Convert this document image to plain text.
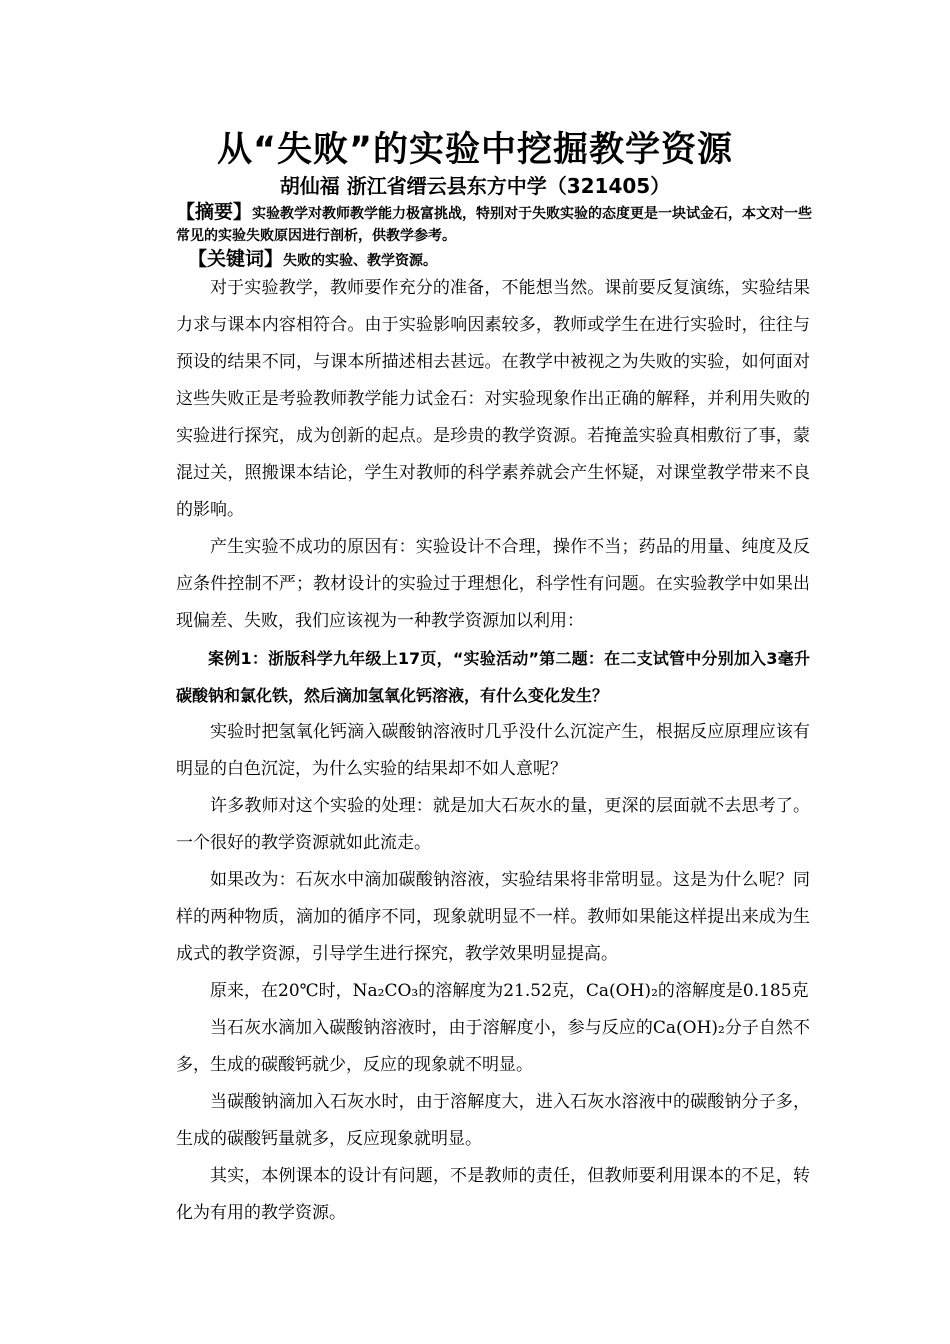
从“失败”的实验中挖掘教学资源
胡仙福 浙江省缙云县东方中学（321405）
【摘要】实验教学对教师教学能力极富挑战，特别对于失败实验的态度更是一块试金石，本文对一些常见的实验失败原因进行剖析，供教学参考。
【关键词】失败的实验、教学资源。

对于实验教学，教师要作充分的准备，不能想当然。课前要反复演练，实验结果力求与课本内容相符合。由于实验影响因素较多，教师或学生在进行实验时，往往与预设的结果不同，与课本所描述相去甚远。在教学中被视之为失败的实验，如何面对这些失败正是考验教师教学能力试金石：对实验现象作出正确的解释，并利用失败的实验进行探究，成为创新的起点。是珍贵的教学资源。若掩盖实验真相敷衍了事，蒙混过关，照搬课本结论，学生对教师的科学素养就会产生怀疑，对课堂教学带来不良的影响。

产生实验不成功的原因有：实验设计不合理，操作不当；药品的用量、纯度及反应条件控制不严；教材设计的实验过于理想化，科学性有问题。在实验教学中如果出现偏差、失败，我们应该视为一种教学资源加以利用：

案例1：浙版科学九年级上17页，“实验活动”第二题：在二支试管中分别加入3毫升碳酸钠和氯化铁，然后滴加氢氧化钙溶液，有什么变化发生？

实验时把氢氧化钙滴入碳酸钠溶液时几乎没什么沉淀产生，根据反应原理应该有明显的白色沉淀，为什么实验的结果却不如人意呢？

许多教师对这个实验的处理：就是加大石灰水的量，更深的层面就不去思考了。一个很好的教学资源就如此流走。

如果改为：石灰水中滴加碳酸钠溶液，实验结果将非常明显。这是为什么呢？同样的两种物质，滴加的循序不同，现象就明显不一样。教师如果能这样提出来成为生成式的教学资源，引导学生进行探究，教学效果明显提高。

原来，在20℃时，Na₂CO₃的溶解度为21.52克，Ca(OH)₂的溶解度是0.185克

当石灰水滴加入碳酸钠溶液时，由于溶解度小，参与反应的Ca(OH)₂分子自然不多，生成的碳酸钙就少，反应的现象就不明显。

当碳酸钠滴加入石灰水时，由于溶解度大，进入石灰水溶液中的碳酸钠分子多，生成的碳酸钙量就多，反应现象就明显。

其实，本例课本的设计有问题，不是教师的责任，但教师要利用课本的不足，转化为有用的教学资源。
